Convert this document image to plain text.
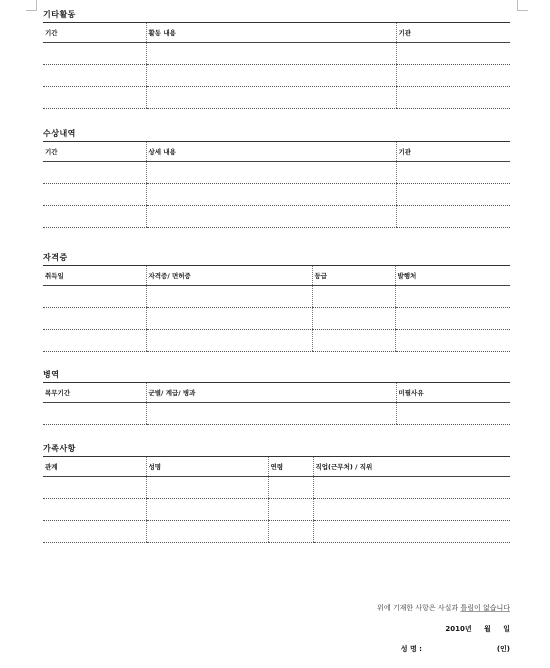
기타활동
기간	활동 내용	기관

수상내역
기간	상세 내용	기관

자격증
취득일	자격증/ 면허증	등급	발행처

병역
복무기간	군별/ 계급/ 병과	미필사유

가족사항
관계	성명	연령	직업(근무처) / 직위

위에 기재한 사항은 사실과 틀림이 없습니다
2010년 월 일
성 명 :	(인)
